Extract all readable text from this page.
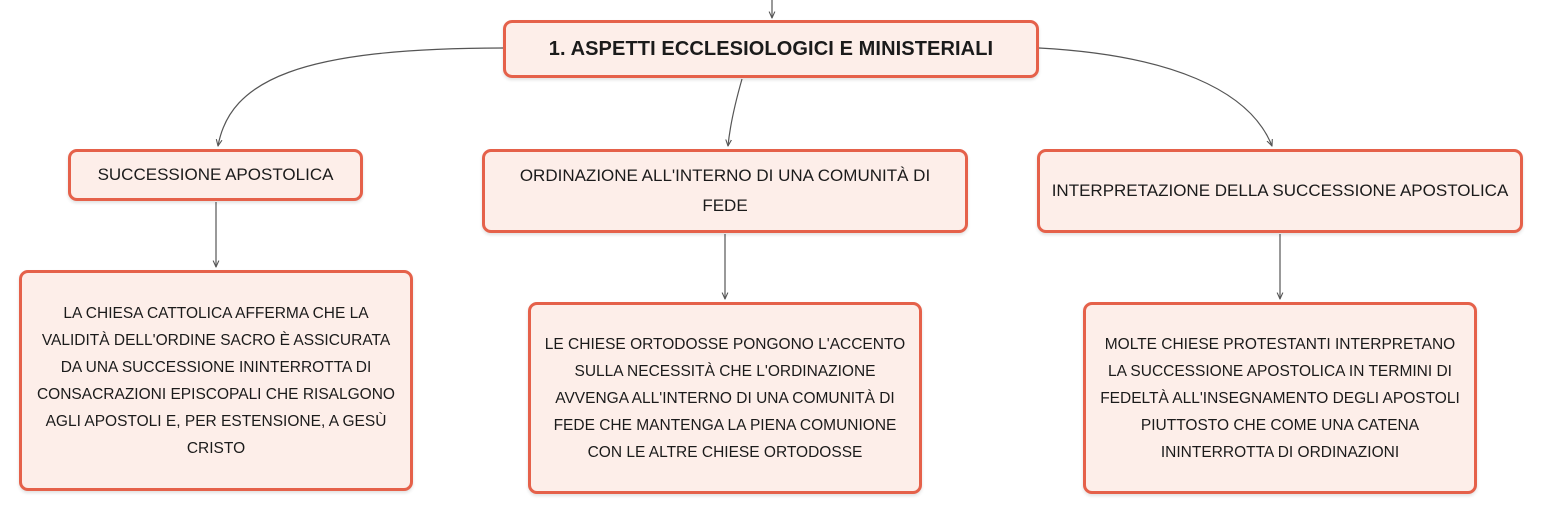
1. ASPETTI ECCLESIOLOGICI E MINISTERIALI
SUCCESSIONE APOSTOLICA	ORDINAZIONE ALL'INTERNO DI UNA COMUNITÀ DI FEDE
INTERPRETAZIONE DELLA SUCCESSIONE APOSTOLICA
LA CHIESA CATTOLICA AFFERMA CHE LA VALIDITÀ DELL'ORDINE SACRO È ASSICURATA DA UNA SUCCESSIONE ININTERROTTA DI CONSACRAZIONI EPISCOPALI CHE RISALGONO AGLI APOSTOLI E, PER ESTENSIONE, A GESÙ CRISTO
LE CHIESE ORTODOSSE PONGONO L'ACCENTO SULLA NECESSITÀ CHE L'ORDINAZIONE AVVENGA ALL'INTERNO DI UNA COMUNITÀ DI FEDE CHE MANTENGA LA PIENA COMUNIONE CON LE ALTRE CHIESE ORTODOSSE
MOLTE CHIESE PROTESTANTI INTERPRETANO LA SUCCESSIONE APOSTOLICA IN TERMINI DI FEDELTÀ ALL'INSEGNAMENTO DEGLI APOSTOLI PIUTTOSTO CHE COME UNA CATENA ININTERROTTA DI ORDINAZIONI
